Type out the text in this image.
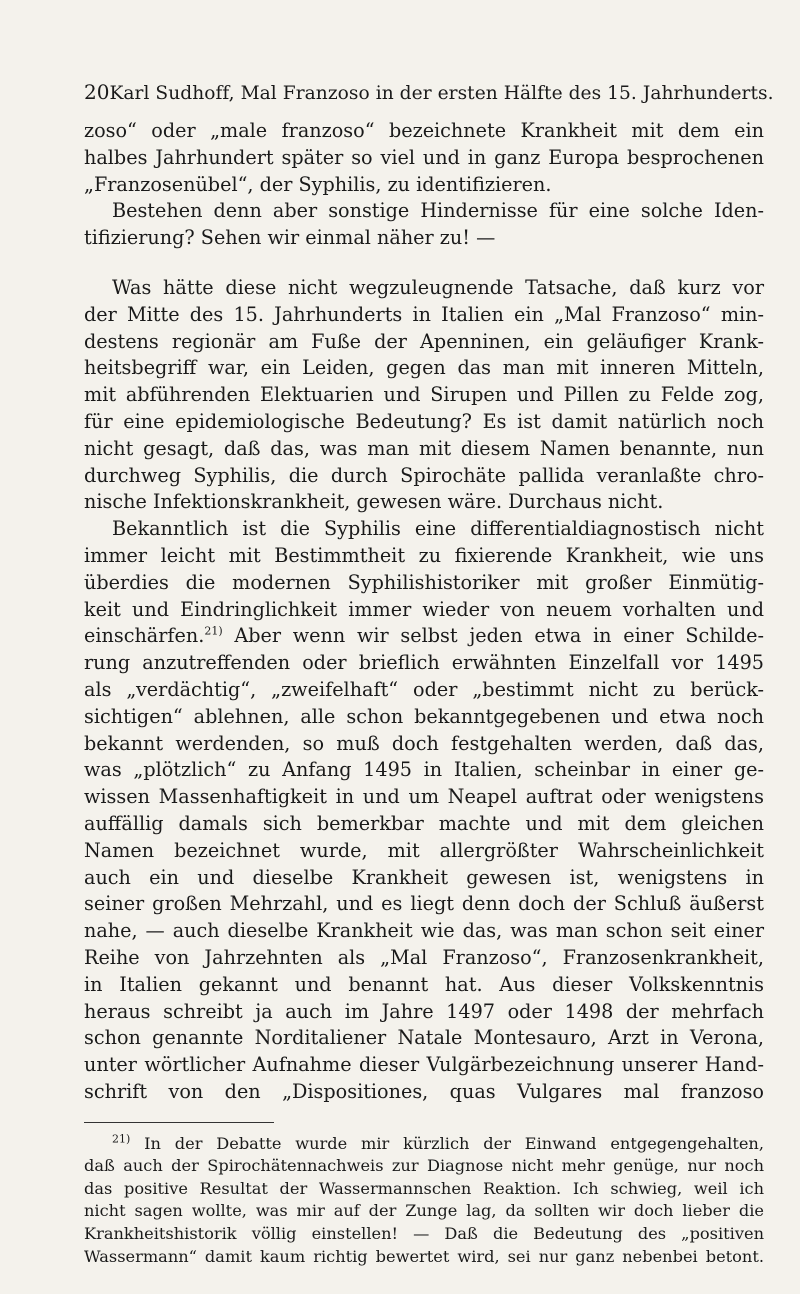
20 Karl Sudhoff, Mal Franzoso in der ersten Hälfte des 15. Jahrhunderts.
zoso“ oder „male franzoso“ bezeichnete Krankheit mit dem ein
halbes Jahrhundert später so viel und in ganz Europa besprochenen
„Franzosenübel“, der Syphilis, zu identifizieren.
Bestehen denn aber sonstige Hindernisse für eine solche Iden-
tifizierung? Sehen wir einmal näher zu! —
Was hätte diese nicht wegzuleugnende Tatsache, daß kurz vor
der Mitte des 15. Jahrhunderts in Italien ein „Mal Franzoso“ min-
destens regionär am Fuße der Apenninen, ein geläufiger Krank-
heitsbegriff war, ein Leiden, gegen das man mit inneren Mitteln,
mit abführenden Elektuarien und Sirupen und Pillen zu Felde zog,
für eine epidemiologische Bedeutung? Es ist damit natürlich noch
nicht gesagt, daß das, was man mit diesem Namen benannte, nun
durchweg Syphilis, die durch Spirochäte pallida veranlaßte chro-
nische Infektionskrankheit, gewesen wäre. Durchaus nicht.
Bekanntlich ist die Syphilis eine differentialdiagnostisch nicht
immer leicht mit Bestimmtheit zu fixierende Krankheit, wie uns
überdies die modernen Syphilishistoriker mit großer Einmütig-
keit und Eindringlichkeit immer wieder von neuem vorhalten und
einschärfen.$^{21)}$ Aber wenn wir selbst jeden etwa in einer Schilde-
rung anzutreffenden oder brieflich erwähnten Einzelfall vor 1495
als „verdächtig“, „zweifelhaft“ oder „bestimmt nicht zu berück-
sichtigen“ ablehnen, alle schon bekanntgegebenen und etwa noch
bekannt werdenden, so muß doch festgehalten werden, daß das,
was „plötzlich“ zu Anfang 1495 in Italien, scheinbar in einer ge-
wissen Massenhaftigkeit in und um Neapel auftrat oder wenigstens
auffällig damals sich bemerkbar machte und mit dem gleichen
Namen bezeichnet wurde, mit allergrößter Wahrscheinlichkeit
auch ein und dieselbe Krankheit gewesen ist, wenigstens in
seiner großen Mehrzahl, und es liegt denn doch der Schluß äußerst
nahe, — auch dieselbe Krankheit wie das, was man schon seit einer
Reihe von Jahrzehnten als „Mal Franzoso“, Franzosenkrankheit,
in Italien gekannt und benannt hat. Aus dieser Volkskenntnis
heraus schreibt ja auch im Jahre 1497 oder 1498 der mehrfach
schon genannte Norditaliener Natale Montesauro, Arzt in Verona,
unter wörtlicher Aufnahme dieser Vulgärbezeichnung unserer Hand-
schrift von den „Dispositiones, quas Vulgares mal franzoso
$^{21)}$ In der Debatte wurde mir kürzlich der Einwand entgegengehalten,
daß auch der Spirochätennachweis zur Diagnose nicht mehr genüge, nur noch
das positive Resultat der Wassermannschen Reaktion. Ich schwieg, weil ich
nicht sagen wollte, was mir auf der Zunge lag, da sollten wir doch lieber die
Krankheitshistorik völlig einstellen! — Daß die Bedeutung des „positiven
Wassermann“ damit kaum richtig bewertet wird, sei nur ganz nebenbei betont.
